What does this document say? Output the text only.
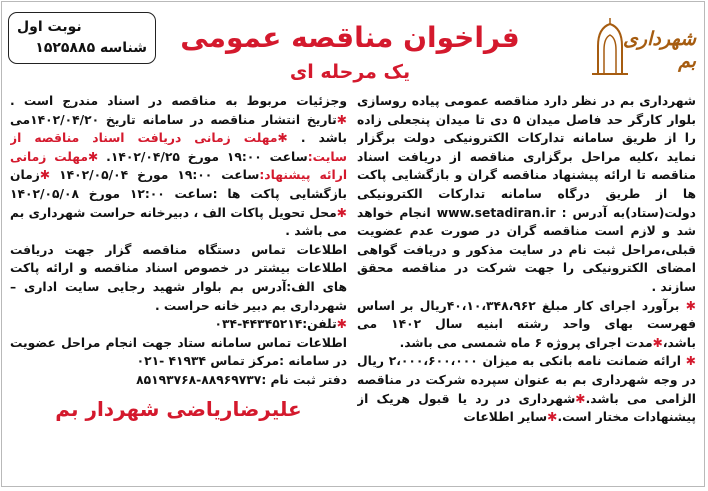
نوبت اول
شناسه ۱۵۲۵۸۸۵ فراخوان مناقصه عمومی
یک مرحله ای
شهرداری بم
وجزئیات مربوط به مناقصه در اسناد مندرج است . ✱تاریخ انتشار مناقصه در سامانه تاریخ ۱۴۰۲/۰۴/۲۰می باشد . ✱مهلت زمانی دریافت اسناد مناقصه از سایت:ساعت ۱۹:۰۰ مورخ ۱۴۰۲/۰۴/۲۵. ✱مهلت زمانی ارائه پیشنهاد:ساعت ۱۹:۰۰ مورخ ۱۴۰۲/۰۵/۰۴ ✱زمان بازگشایی پاکت ها :ساعت ۱۲:۰۰ مورخ ۱۴۰۲/۰۵/۰۸ ✱محل تحویل پاکات الف ، دبیرخانه حراست شهرداری بم می باشد .
اطلاعات تماس دستگاه مناقصه گزار جهت دریافت اطلاعات بیشتر در خصوص اسناد مناقصه و ارائه پاکت های الف:آدرس بم بلوار شهید رجایی سایت اداری – شهرداری بم دبیر خانه حراست .
✱تلفن:۴۴۳۴۵۲۱۴-۰۳۴
اطلاعات تماس سامانه ستاد جهت انجام مراحل عضویت در سامانه :مرکز تماس ۴۱۹۳۴ -۰۲۱
دفتر ثبت نام :۸۸۹۶۹۷۳۷-۸۵۱۹۳۷۶۸
علیرضاریاضی شهردار بم
شهرداری بم در نظر دارد مناقصه عمومی پیاده روسازی بلوار کارگر حد فاصل میدان ۵ دی تا میدان پنجعلی زاده را از طریق سامانه تدارکات الکترونیکی دولت برگزار نماید ،کلیه مراحل برگزاری مناقصه از دریافت اسناد مناقصه تا ارائه پیشنهاد مناقصه گران و بازگشایی پاکت ها از طریق درگاه سامانه تدارکات الکترونیکی دولت(ستاد)به آدرس : www.setadiran.ir انجام خواهد شد و لازم است مناقصه گران در صورت عدم عضویت قبلی،مراحل ثبت نام در سایت مذکور و دریافت گواهی امضای الکترونیکی را جهت شرکت در مناقصه محقق سازند .
✱ برآورد اجرای کار مبلغ ۴۰،۱۰،۳۴۸،۹۶۲ریال بر اساس فهرست بهای واحد رشته ابنیه سال ۱۴۰۲ می باشد،✱مدت اجرای پروژه ۶ ماه شمسی می باشد.
✱ ارائه ضمانت نامه بانکی به میزان ۲،۰۰۰،۶۰۰،۰۰۰ ریال در وجه شهرداری بم به عنوان سپرده شرکت در مناقصه الزامی می باشد.✱شهرداری در رد یا قبول هریک از پیشنهادات مختار است.✱سایر اطلاعات
